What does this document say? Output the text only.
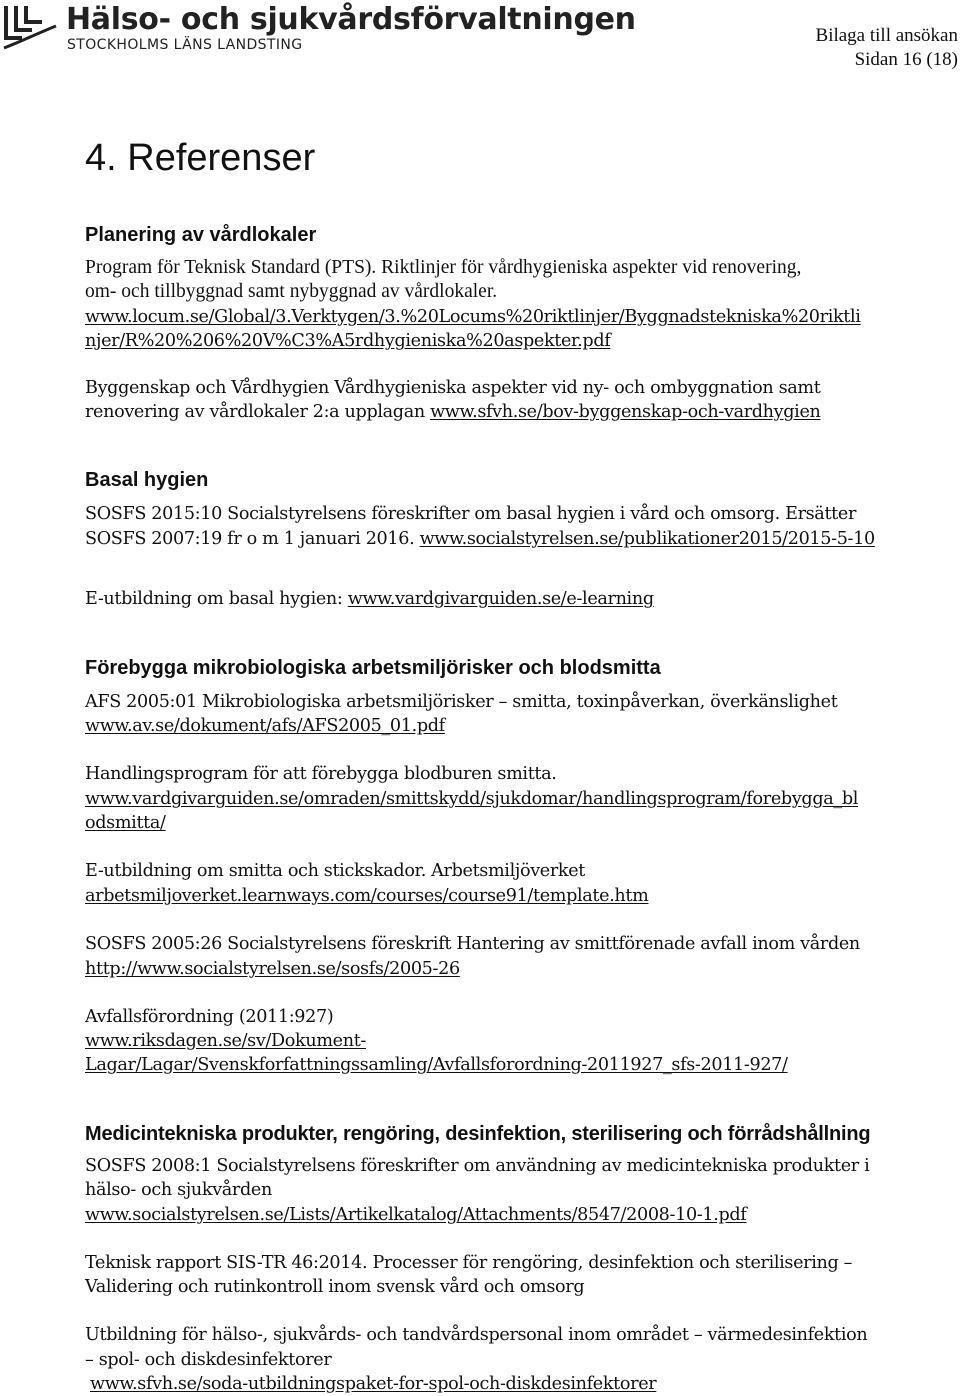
Hälso- och sjukvårdsförvaltningen
STOCKHOLMS LÄNS LANDSTING	Bilaga till ansökan
Sidan 16 (18)
4. Referenser
Planering av vårdlokaler
Program för Teknisk Standard (PTS). Riktlinjer för vårdhygieniska aspekter vid renovering,
om- och tillbyggnad samt nybyggnad av vårdlokaler.
www.locum.se/Global/3.Verktygen/3.%20Locums%20riktlinjer/Byggnadstekniska%20riktli
njer/R%20%206%20V%C3%A5rdhygieniska%20aspekter.pdf
Byggenskap och Vårdhygien Vårdhygieniska aspekter vid ny- och ombyggnation samt
renovering av vårdlokaler 2:a upplagan www.sfvh.se/bov-byggenskap-och-vardhygien
Basal hygien
SOSFS 2015:10 Socialstyrelsens föreskrifter om basal hygien i vård och omsorg. Ersätter
SOSFS 2007:19 fr o m 1 januari 2016. www.socialstyrelsen.se/publikationer2015/2015-5-10
E-utbildning om basal hygien: www.vardgivarguiden.se/e-learning
Förebygga mikrobiologiska arbetsmiljörisker och blodsmitta
AFS 2005:01 Mikrobiologiska arbetsmiljörisker – smitta, toxinpåverkan, överkänslighet
www.av.se/dokument/afs/AFS2005_01.pdf
Handlingsprogram för att förebygga blodburen smitta.
www.vardgivarguiden.se/omraden/smittskydd/sjukdomar/handlingsprogram/forebygga_bl
odsmitta/
E-utbildning om smitta och stickskador. Arbetsmiljöverket
arbetsmiljoverket.learnways.com/courses/course91/template.htm
SOSFS 2005:26 Socialstyrelsens föreskrift Hantering av smittförenade avfall inom vården
http://www.socialstyrelsen.se/sosfs/2005-26
Avfallsförordning (2011:927)
www.riksdagen.se/sv/Dokument-
Lagar/Lagar/Svenskforfattningssamling/Avfallsforordning-2011927_sfs-2011-927/
Medicintekniska produkter, rengöring, desinfektion, sterilisering och förrådshållning
SOSFS 2008:1 Socialstyrelsens föreskrifter om användning av medicintekniska produkter i
hälso- och sjukvården
www.socialstyrelsen.se/Lists/Artikelkatalog/Attachments/8547/2008-10-1.pdf
Teknisk rapport SIS-TR 46:2014. Processer för rengöring, desinfektion och sterilisering –
Validering och rutinkontroll inom svensk vård och omsorg
Utbildning för hälso-, sjukvårds- och tandvårdspersonal inom området – värmedesinfektion
– spol- och diskdesinfektorer
www.sfvh.se/soda-utbildningspaket-for-spol-och-diskdesinfektorer
